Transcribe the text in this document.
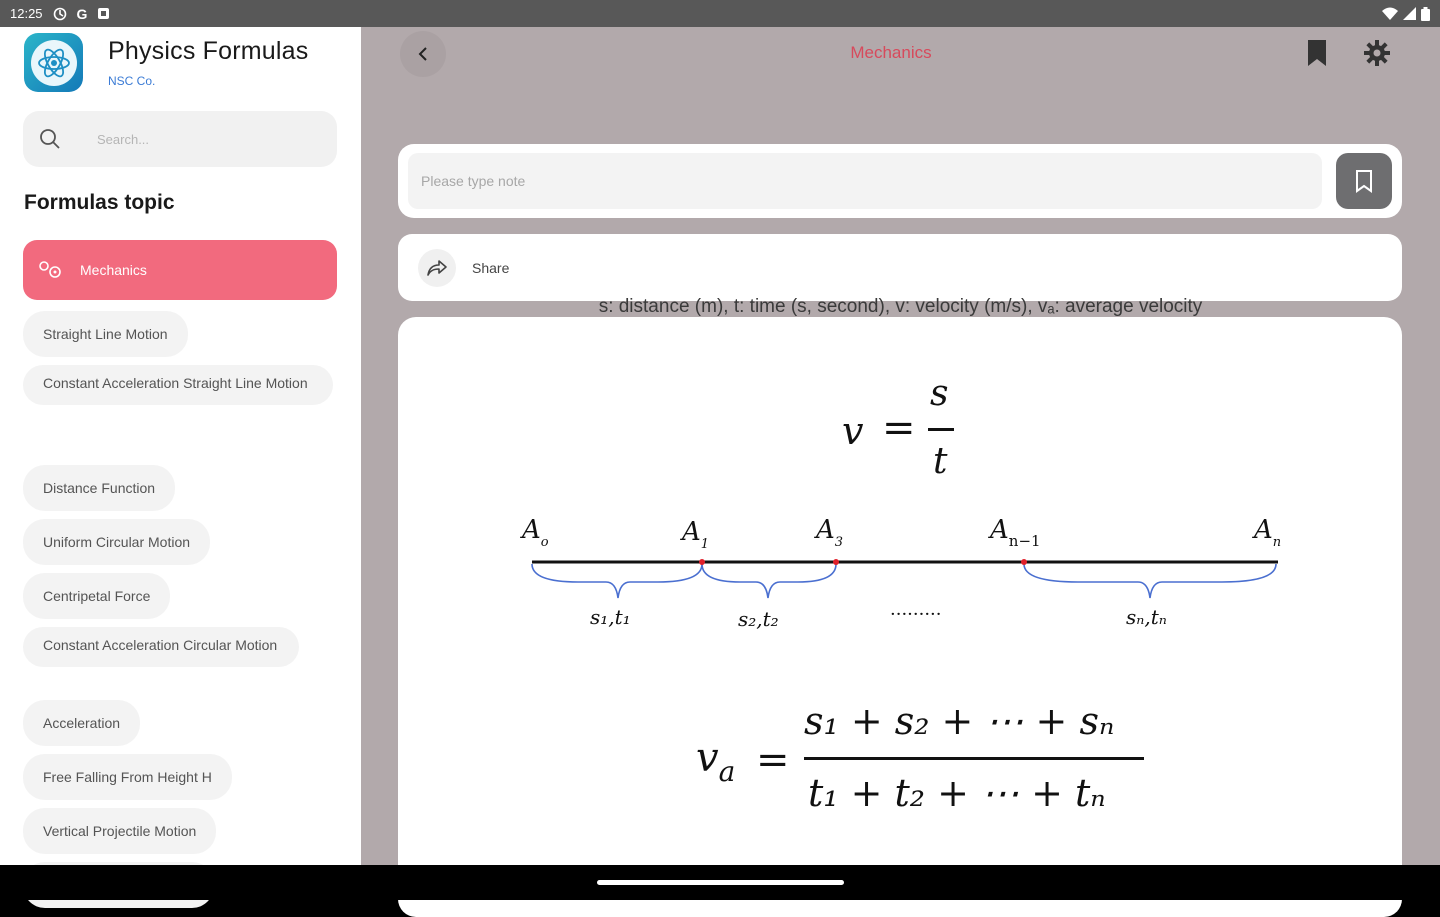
12:25 G
Physics Formulas
NSC Co.
Search...
Formulas topic
Mechanics
Straight Line Motion
Constant Acceleration Straight Line Motion
Distance Function
Uniform Circular Motion
Centripetal Force
Constant Acceleration Circular Motion
Acceleration
Free Falling From Height H
Vertical Projectile Motion
Mechanics
Please type note
Share
s: distance (m), t: time (s, second), v: velocity (m/s), vₐ: average velocity
v =
s
t
$A_o$	$A_1$	$A_3$	$A_{n-1}$	$A_n$
s₁,t₁	s₂,t₂	·········	sₙ,tₙ
$v_a$ =
s₁ + s₂ + ⋯ + sₙ
t₁ + t₂ + ⋯ + tₙ
